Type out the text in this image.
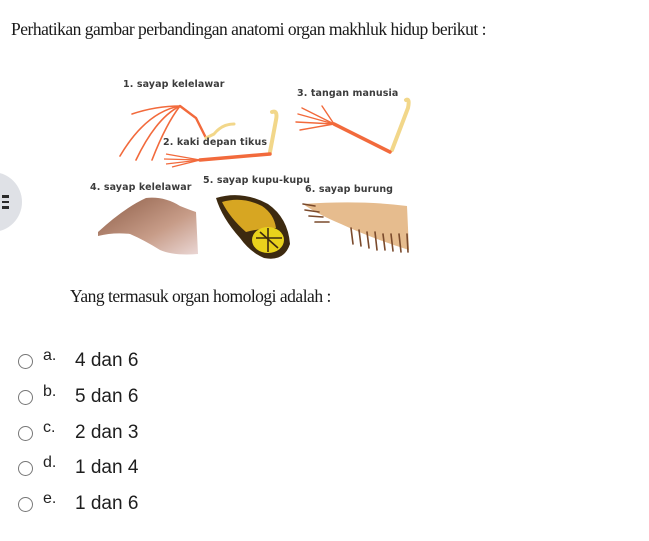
Perhatikan gambar perbandingan anatomi organ makhluk hidup berikut :
1. sayap kelelawar
2. kaki depan tikus
3. tangan manusia
4. sayap kelelawar
5. sayap kupu-kupu
6. sayap burung
Yang termasuk organ homologi adalah :
a. 4 dan 6
b. 5 dan 6
c. 2 dan 3
d. 1 dan 4
e. 1 dan 6
